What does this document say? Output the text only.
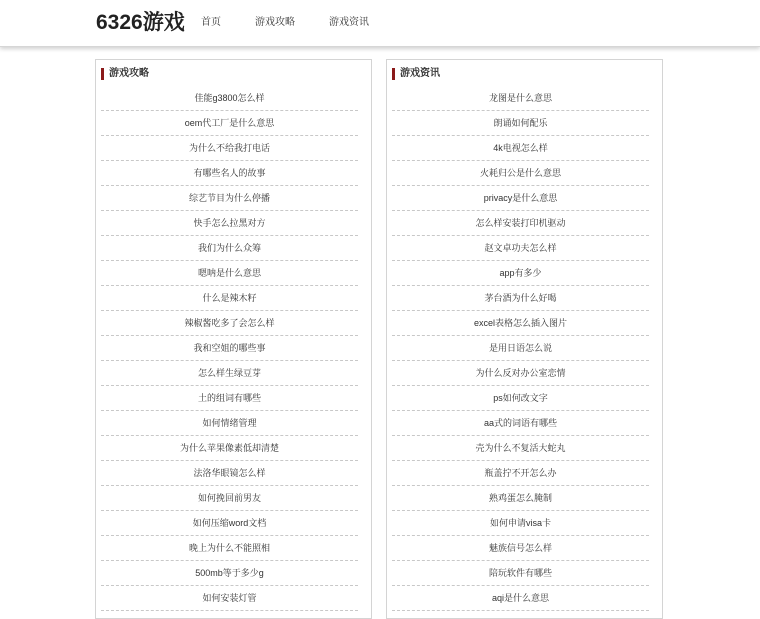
6326游戏 首页	游戏攻略	游戏资讯
游戏攻略
佳能g3800怎么样
oem代工厂是什么意思
为什么不给我打电话
有哪些名人的故事
综艺节目为什么停播
快手怎么拉黑对方
我们为什么众筹
嗯呐是什么意思
什么是辣木籽
辣椒酱吃多了会怎么样
我和空姐的哪些事
怎么样生绿豆芽
土的组词有哪些
如何情绪管理
为什么苹果像素低却清楚
法洛华眼镜怎么样
如何挽回前男友
如何压缩word文档
晚上为什么不能照相
500mb等于多少g
如何安装灯管
游戏资讯
龙图是什么意思
朗诵如何配乐
4k电视怎么样
火耗归公是什么意思
privacy是什么意思
怎么样安装打印机驱动
赵文卓功夫怎么样
app有多少
茅台酒为什么好喝
excel表格怎么插入图片
是用日语怎么说
为什么反对办公室恋情
ps如何改文字
aa式的词语有哪些
壳为什么不复活大蛇丸
瓶盖拧不开怎么办
熟鸡蛋怎么腌制
如何申请visa卡
魅族信号怎么样
陪玩软件有哪些
aqi是什么意思
